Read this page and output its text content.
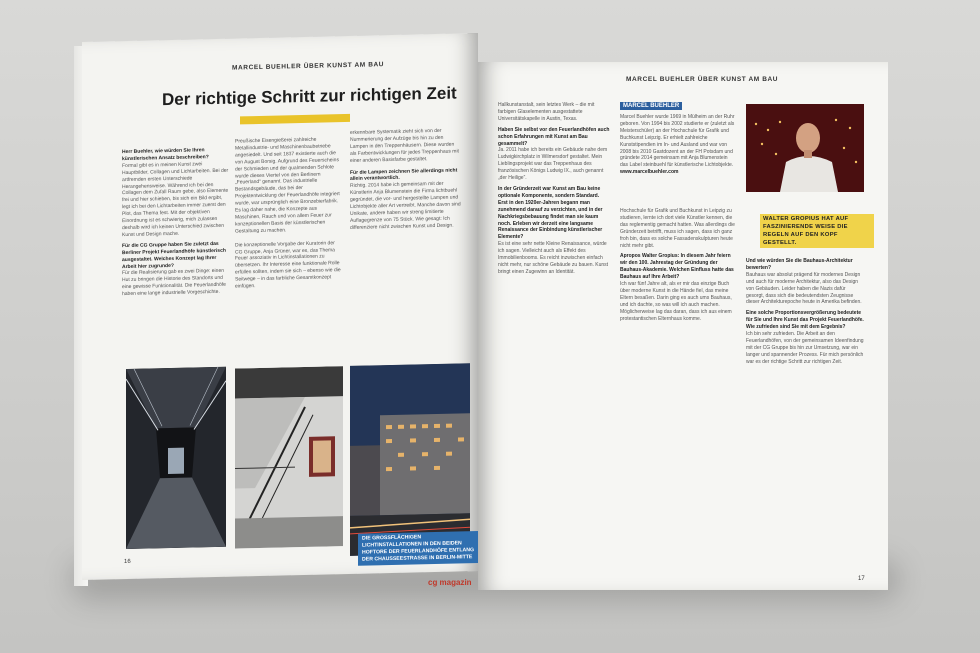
MARCEL BUEHLER ÜBER KUNST AM BAU
Der richtige Schritt zur richtigen Zeit
Herr Buehler, wie würden Sie Ihren künstlerischen Ansatz beschreiben?
Formal gibt es in meinen Kunst zwei Hauptbilder, Collagen und Lichtarbeiten. Bei der artfremden ersten Unterschiede Herangehensweise. Während ich bei den Collagen dem Zufall Raum gebe, also Elemente frei und hier schieben, bis sich ein Bild ergibt, legt ich bei den Lichtarbeiten immer zuerst den Plot, das Thema fest. Mit der objektiven Einordnung ist es schwierig, mich zulassen deshalb wird ich keinen Unterschied zwischen Kunst und Design mache.
Für die CG Gruppe haben Sie zuletzt das Berliner Projekt Feuerlandhöfe künstlerisch ausgestaltet. Welches Konzept lag Ihrer Arbeit hier zugrunde?
Für die Realisierung gab es zwei Dinge: einen Hut zu bringen die Historie des Standorts und eine gewisse Funktionalität. Die Feuerlandhöfe haben eine lange industrielle Vorgeschichte.
Preußische Eisengießerei zahlreiche Metallindustrie- und Maschinenbaubetriebe angesiedelt. Und seit 1837 existierte auch die von August Borsig. Aufgrund des Feuerscheins der Schmieden und der qualmenden Schlote wurde dieses Viertel von den Berlinern „Feuerland“ genannt. Das industrielle Bestandsgebäude, das bei der Projektentwicklung der Feuerlandhöfe integriert wurde, war ursprünglich eine Bronzebierfabrik. Es lag daher nahe, die Konzepte aus Maschinen, Rauch und von allem Feuer zur konzeptionellen Basis der künstlerischen Gestaltung zu machen.

Die konzeptionelle Vorgabe der Kuratorin der CG Gruppe, Anja Grüner, war es, das Thema Feuer assoziativ in Lichtinstallationen zu übersetzen. Ihr Interesse eine funktionale Rolle erfüllen sollten, indem sie sich – ebenso wie die Seitwege – in das farbliche Gesamtkonzept einfügen.
erkennbare Systematik zieht sich von der Nummerierung der Aufzüge bis hin zu den Lampen in den Treppenhäusern. Diese wurden als Farbentwicklungen für jedes Treppenhaus mit einer anderen Basisfarbe gestaltet.
Für die Lampen zeichnen Sie allerdings nicht allein verantwortlich.
Richtig. 2014 habe ich gemeinsam mit der Künstlerin Anja Blumenstein die Firma lichtbuehl gegründet, die vor- und hergestellte Lampen und Lichtobjekte aller Art vertreibt. Manche davon sind Unikate, andere haben wir streng limitierte Auflagegrenze von 75 Stück. Wie gesagt: Ich differenziere nicht zwischen Kunst und Design.
DIE GROSSFLÄCHIGEN LICHTINSTALLATIONEN IN DEN BEIDEN HOFTORE DER FEUERLANDHÖFE ENTLANG DER CHAUSSEESTRASSE IN BERLIN-MITTE
16
MARCEL BUEHLER ÜBER KUNST AM BAU
Hallkunstanstalt, sein letztes Werk – die mit farbigen Glaselementen ausgestattete Universitätskapelle in Austin, Texas.
Haben Sie selbst vor den Feuerlandhöfen auch schon Erfahrungen mit Kunst am Bau gesammelt?
Ja. 2011 habe ich bereits ein Gebäude nahe dem Ludwigkirchplatz in Wilmersdorf gestaltet. Mein Lieblingsprojekt war das Treppenhaus des französischen Königs Ludwig IX., auch genannt „der Heilige“.
In der Gründerzeit war Kunst am Bau keine optionale Komponente, sondern Standard. Erst in den 1920er-Jahren begann man zunehmend darauf zu verzichten, und in der Nachkriegsbebauung findet man sie kaum noch. Erleben wir derzeit eine langsame Renaissance der Einbindung künstlerischer Elemente?
Es ist eine sehr nette Kleine Renaissance, würde ich sagen. Vielleicht auch als Effekt des Immobilienbooms. Es reicht inzwischen einfach nicht mehr, nur schöne Gebäude zu bauen. Kunst bringt einen Zugewinn an Identität.
MARCEL BUEHLER
Marcel Buehler wurde 1969 in Mülheim an der Ruhr geboren. Von 1994 bis 2002 studierte er (zuletzt als Meisterschüler) an der Hochschule für Grafik und Buchkunst Leipzig. Er erhielt zahlreiche Kunststipendien im In- und Ausland und war von 2008 bis 2010 Gastdozent an der FH Potsdam und gründete 2014 gemeinsam mit Anja Blumenstein das Label steinbuehl für künstlerische Lichtobjekte.
www.marcelbuehler.com
Hochschule für Grafik und Buchkunst in Leipzig zu studieren, lernte ich dort viele Künstler kennen, die das reglementig gemacht hatten. Was allerdings die Gründerzeit betrifft, muss ich sagen, dass ich ganz froh bin, dass es solche Fassadenskulpturen heute nicht mehr gibt.
Apropos Walter Gropius: In diesem Jahr feiern wir den 100. Jahrestag der Gründung der Bauhaus-Akademie. Welchen Einfluss hatte das Bauhaus auf Ihre Arbeit?
Ich war fünf Jahre alt, als er mir das einzige Buch über moderne Kunst in die Hände fiel, das meine Eltern besaßen. Darin ging es auch ums Bauhaus, und ich dachte, so was will ich auch machen. Möglicherweise lag das daran, dass ich aus einem protestantischen Elternhaus komme.
WALTER GROPIUS HAT AUF FASZINIERENDE WEISE DIE REGELN AUF DEN KOPF GESTELLT.
Und wie würden Sie die Bauhaus-Architektur bewerten?
Bauhaus war absolut prägend für modernes Design und auch für moderne Architektur, also das Design von Gebäuden. Leider haben die Nazis dafür gesorgt, dass sich die bedeutendsten Zeugnisse dieser Architekturepoche heute in Amerika befinden.
Eine solche Proportionsvergrößerung bedeutete für Sie und Ihre Kunst das Projekt Feuerlandhöfe. Wie zufrieden sind Sie mit dem Ergebnis?
Ich bin sehr zufrieden. Die Arbeit an den Feuerlandhöfen, von der gemeinsamen Ideenfindung mit der CG Gruppe bis hin zur Umsetzung, war ein langer und spannender Prozess. Für mich persönlich war es der richtige Schritt zur richtigen Zeit.
17
cg magazin
